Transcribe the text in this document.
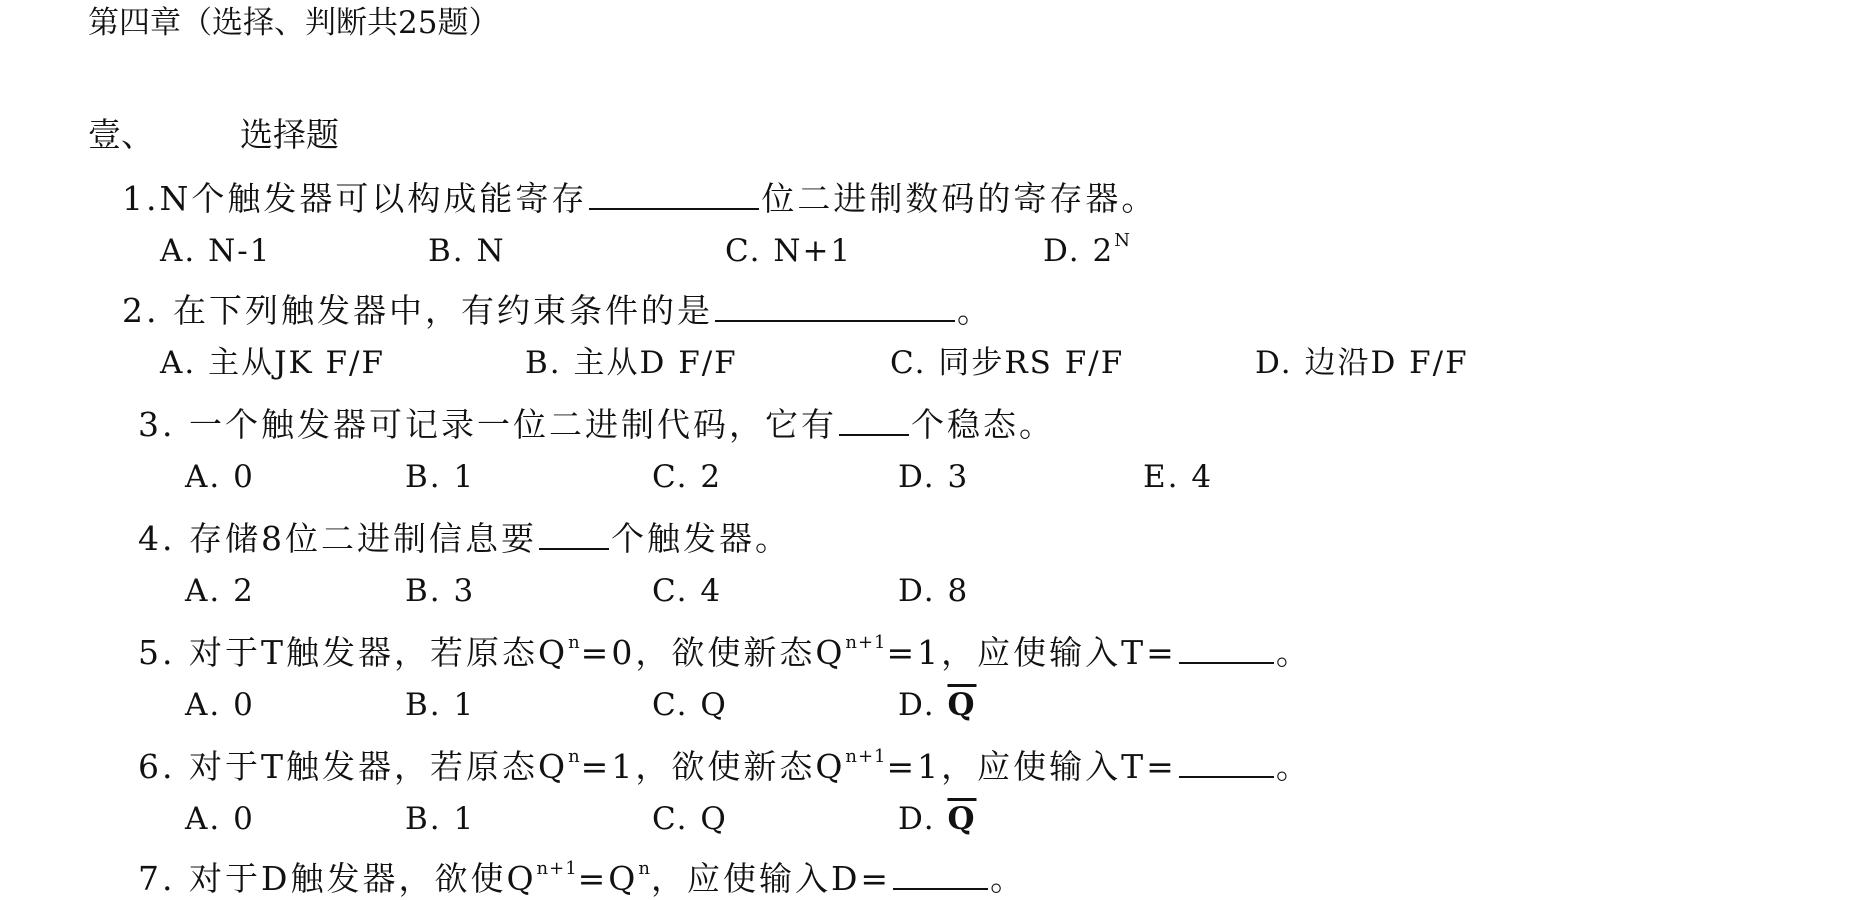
第四章（选择、判断共25题）
壹、	选择题
1.N个触发器可以构成能寄存	位二进制数码的寄存器。
A. N-1	B. N	C. N+1	D. $2^N$
2. 在下列触发器中，有约束条件的是	。
A. 主从JK F/F	B. 主从D F/F	C. 同步RS F/F	D. 边沿D F/F
3. 一个触发器可记录一位二进制代码，它有 个稳态。
A. 0	B. 1	C. 2	D. 3	E. 4
4. 存储8位二进制信息要 个触发器。
A. 2	B. 3	C. 4	D. 8
5. 对于T触发器，若原态$Q^n=0$，欲使新态$Q^{n+1}=1$，应使输入T=	。
A. 0	B. 1	C. Q	D. $\overline{Q}$
6. 对于T触发器，若原态$Q^n=1$，欲使新态$Q^{n+1}=1$，应使输入T=	。
A. 0	B. 1	C. Q	D. $\overline{Q}$
7. 对于D触发器，欲使$Q^{n+1}=Q^n$，应使输入D=	。
